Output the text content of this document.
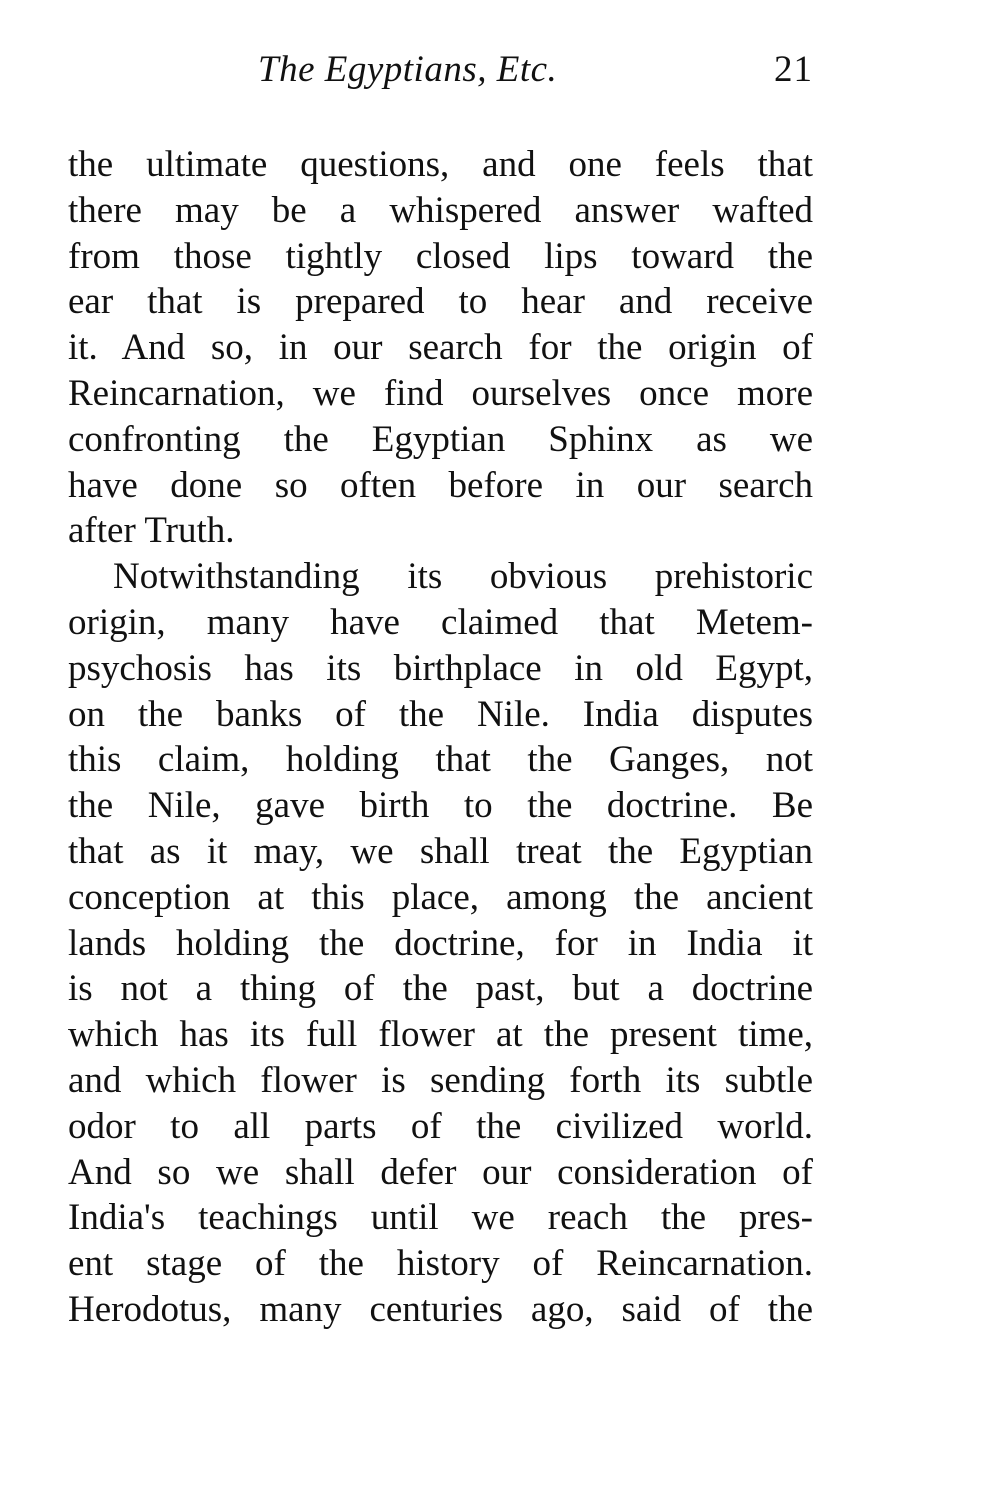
The Egyptians, Etc.	21
the ultimate questions, and one feels that
there may be a whispered answer wafted
from those tightly closed lips toward the
ear that is prepared to hear and receive
it. And so, in our search for the origin of
Reincarnation, we find ourselves once more
confronting the Egyptian Sphinx as we
have done so often before in our search
after Truth.
Notwithstanding its obvious prehistoric
origin, many have claimed that Metem-
psychosis has its birthplace in old Egypt,
on the banks of the Nile. India disputes
this claim, holding that the Ganges, not
the Nile, gave birth to the doctrine. Be
that as it may, we shall treat the Egyptian
conception at this place, among the ancient
lands holding the doctrine, for in India it
is not a thing of the past, but a doctrine
which has its full flower at the present time,
and which flower is sending forth its subtle
odor to all parts of the civilized world.
And so we shall defer our consideration of
India's teachings until we reach the pres-
ent stage of the history of Reincarnation.
Herodotus, many centuries ago, said of the
